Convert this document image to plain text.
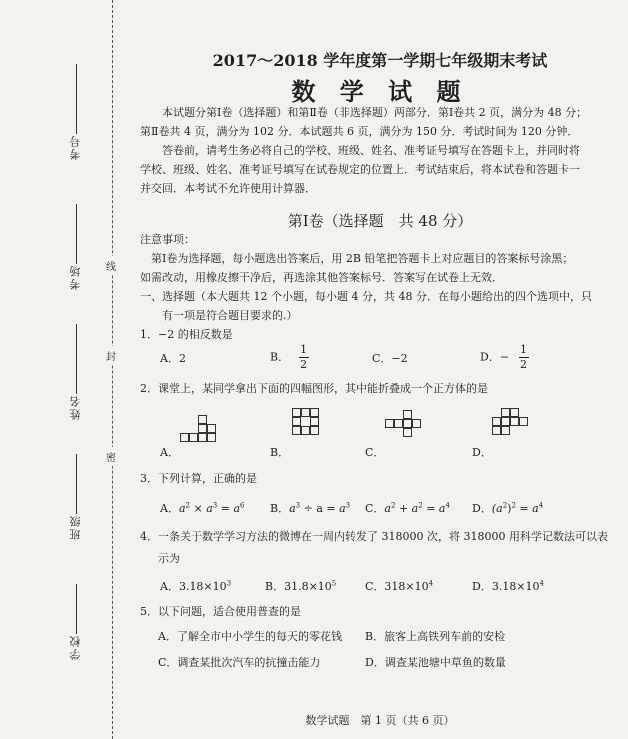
考号
考场
姓名
班级
学校
线
封
密
2017～2018 学年度第一学期七年级期末考试
数 学 试 题
本试题分第Ⅰ卷（选择题）和第Ⅱ卷（非选择题）两部分．第Ⅰ卷共 2 页，满分为 48 分；
第Ⅱ卷共 4 页，满分为 102 分．本试题共 6 页，满分为 150 分．考试时间为 120 分钟．
答卷前，请考生务必将自己的学校、班级、姓名、准考证号填写在答题卡上，并同时将
学校、班级、姓名、准考证号填写在试卷规定的位置上．考试结束后，将本试卷和答题卡一
并交回．本考试不允许使用计算器．
第Ⅰ卷（选择题　共 48 分）
注意事项：
第Ⅰ卷为选择题，每小题选出答案后，用 2B 铅笔把答题卡上对应题目的答案标号涂黑；
如需改动，用橡皮擦干净后，再选涂其他答案标号．答案写在试卷上无效．
一、选择题（本大题共 12 个小题，每小题 4 分，共 48 分．在每小题给出的四个选项中，只
有一项是符合题目要求的.）
1．−2 的相反数是
A．2	B． $\frac{1}{2}$	C．−2	D．− $\frac{1}{2}$
2．课堂上，某同学拿出下面的四幅图形，其中能折叠成一个正方体的是
A．	B．	C．	D．
3．下列计算，正确的是
A．$a^2 \times a^3 = a^6$ B．$a^3 \div a = a^3$ C．$a^2 + a^2 = a^4$ D．$(a^2)^2 = a^4$
4．一条关于数学学习方法的微博在一周内转发了 318000 次，将 318000 用科学记数法可以表
示为
A．$3.18\times 10^3$	B．$31.8\times 10^5$	C．$318\times 10^4$	D．$3.18\times 10^4$
5．以下问题，适合使用普查的是
A．了解全市中小学生的每天的零花钱 B．旅客上高铁列车前的安检
C．调查某批次汽车的抗撞击能力	D．调查某池塘中草鱼的数量
数学试题　第 1 页（共 6 页）
